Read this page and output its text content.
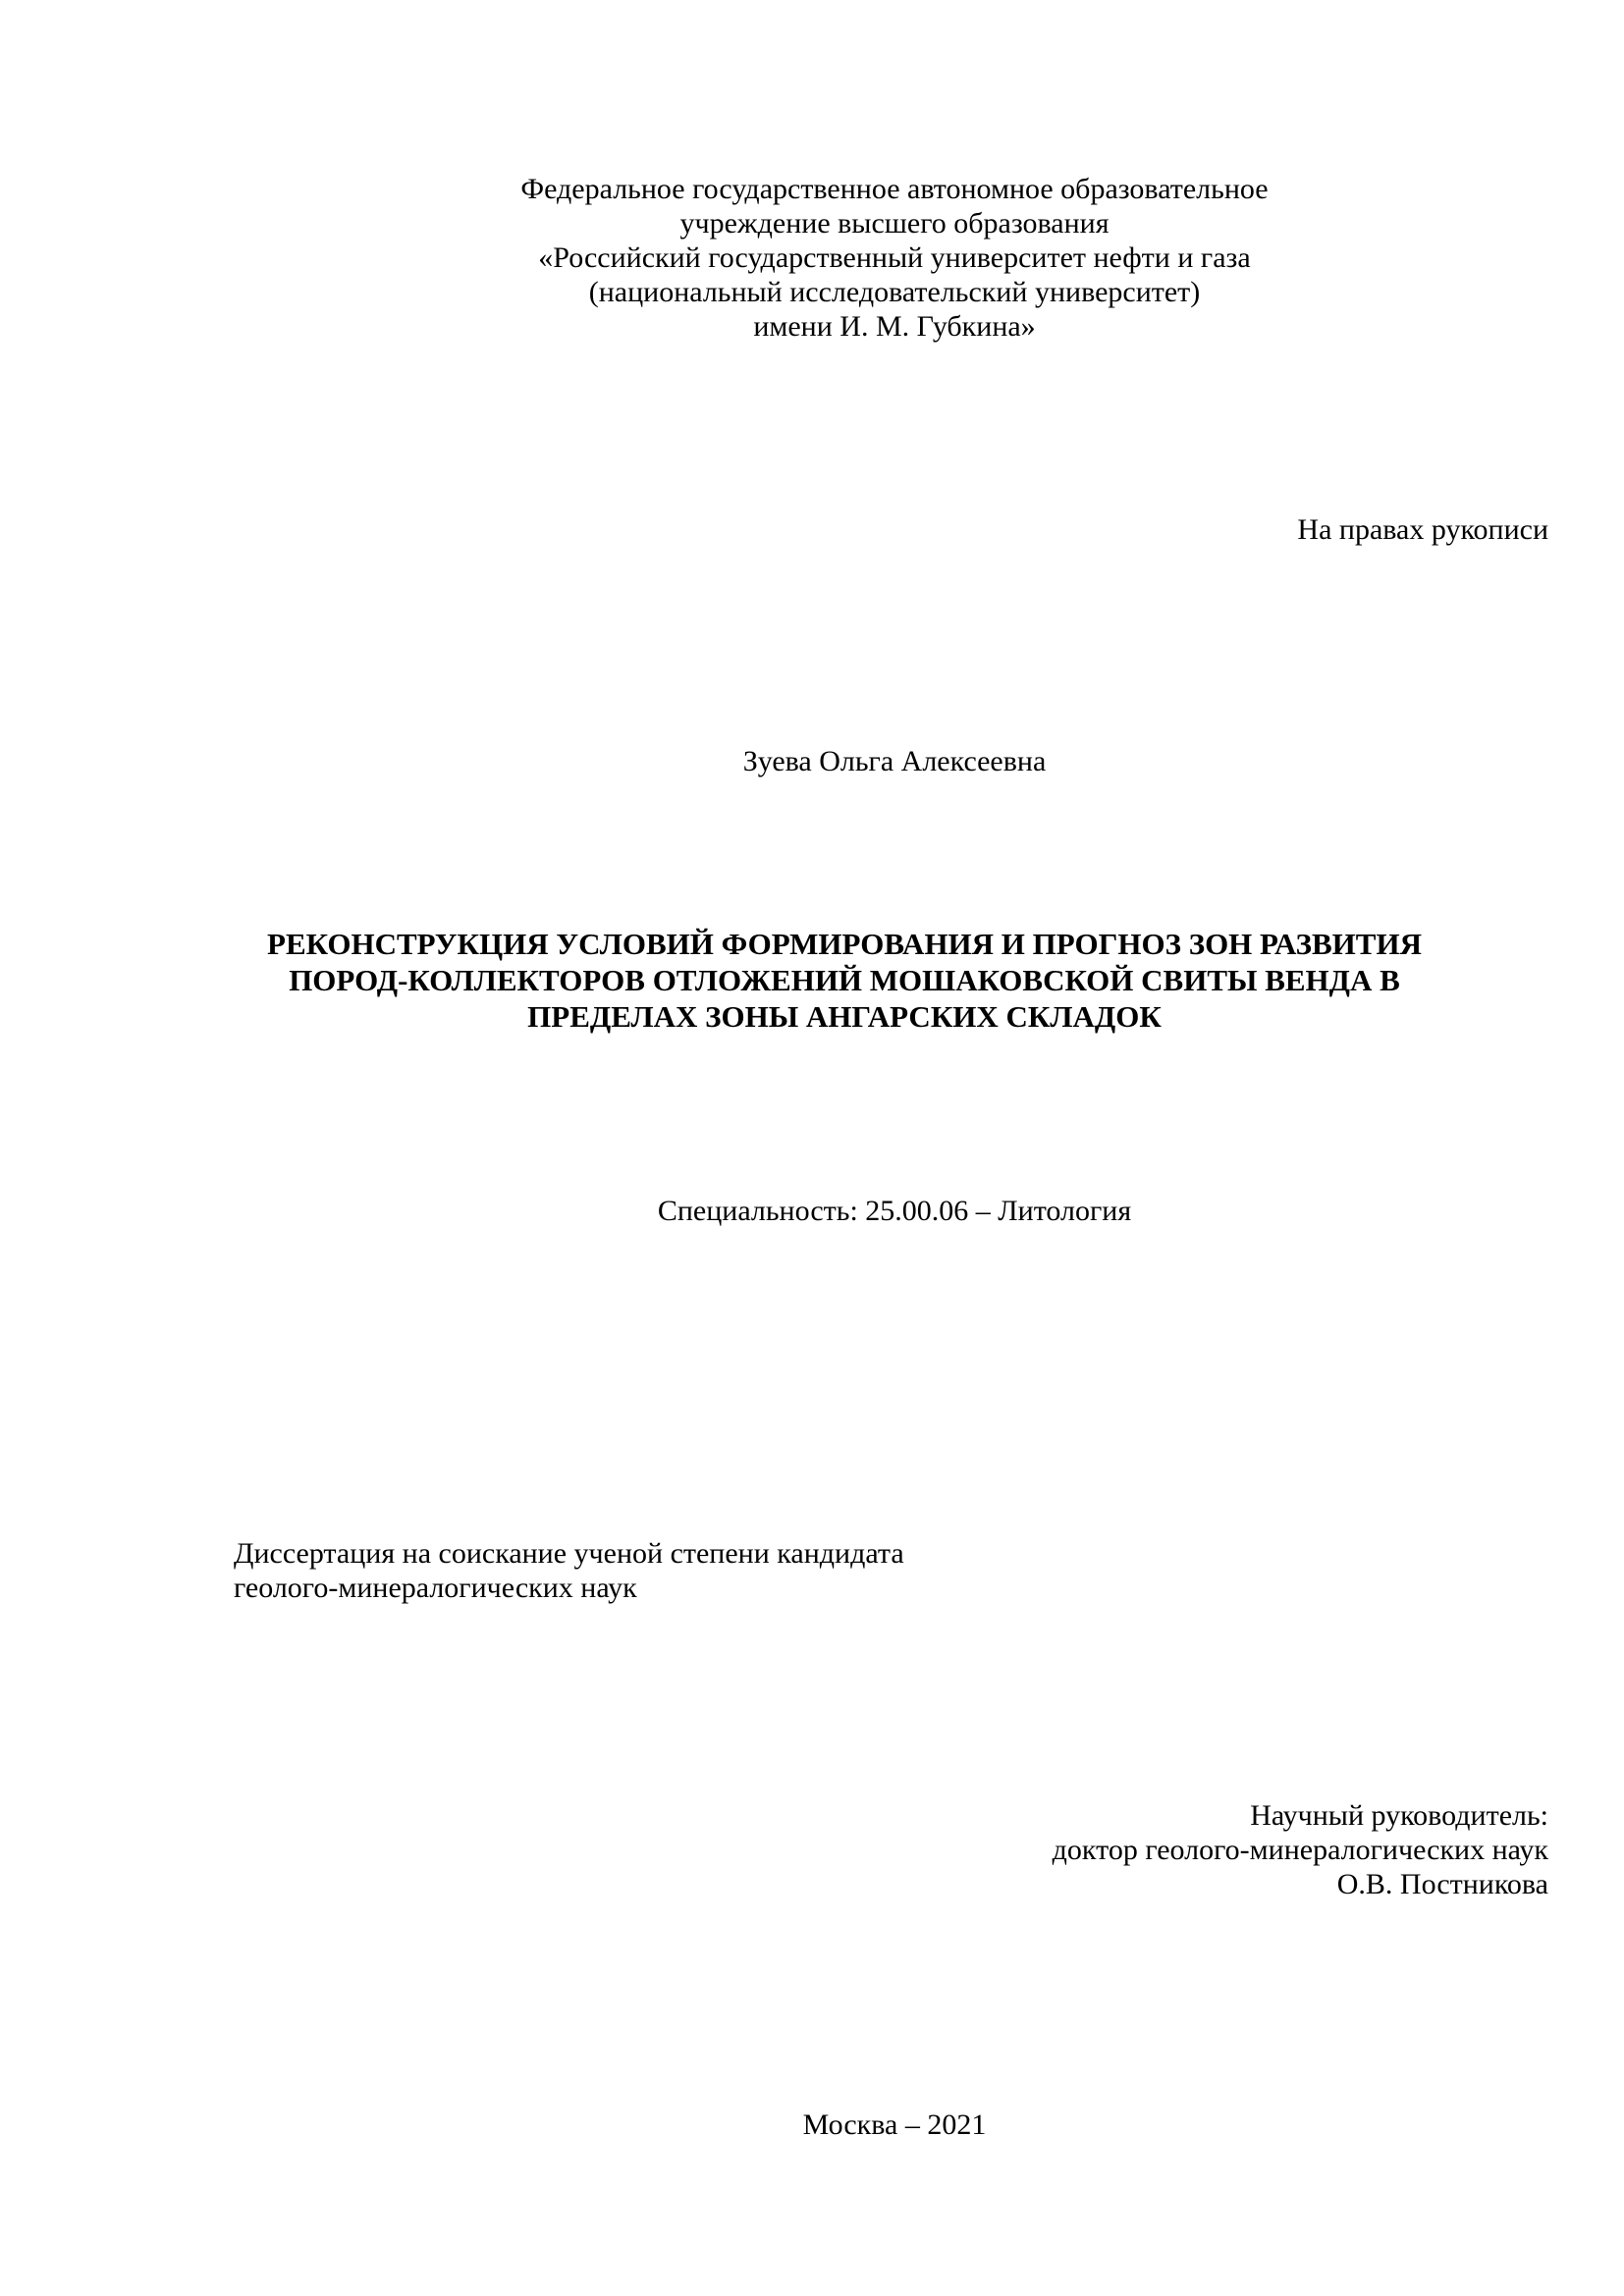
Федеральное государственное автономное образовательное
учреждение высшего образования
«Российский государственный университет нефти и газа
(национальный исследовательский университет)
имени И. М. Губкина»
На правах рукописи
Зуева Ольга Алексеевна
РЕКОНСТРУКЦИЯ УСЛОВИЙ ФОРМИРОВАНИЯ И ПРОГНОЗ ЗОН РАЗВИТИЯ
ПОРОД-КОЛЛЕКТОРОВ ОТЛОЖЕНИЙ МОШАКОВСКОЙ СВИТЫ ВЕНДА В
ПРЕДЕЛАХ ЗОНЫ АНГАРСКИХ СКЛАДОК
Специальность: 25.00.06 – Литология
Диссертация на соискание ученой степени кандидата
геолого-минералогических наук
Научный руководитель:
доктор геолого-минералогических наук
О.В. Постникова
Москва – 2021
